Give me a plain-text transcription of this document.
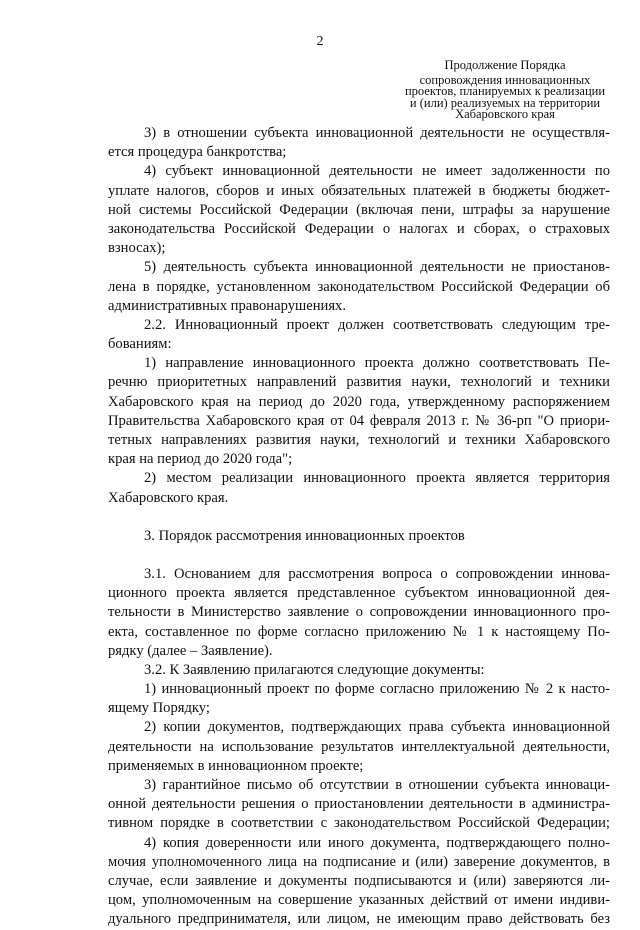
2
Продолжение Порядка
сопровождения инновационных
проектов, планируемых к реализации
и (или) реализуемых на территории
Хабаровского края
3) в отношении субъекта инновационной деятельности не осуществля-
ется процедура банкротства;
4) субъект инновационной деятельности не имеет задолженности по
уплате налогов, сборов и иных обязательных платежей в бюджеты бюджет-
ной системы Российской Федерации (включая пени, штрафы за нарушение
законодательства Российской Федерации о налогах и сборах, о страховых
взносах);
5) деятельность субъекта инновационной деятельности не приостанов-
лена в порядке, установленном законодательством Российской Федерации об
административных правонарушениях.
2.2. Инновационный проект должен соответствовать следующим тре-
бованиям:
1) направление инновационного проекта должно соответствовать Пе-
речню приоритетных направлений развития науки, технологий и техники
Хабаровского края на период до 2020 года, утвержденному распоряжением
Правительства Хабаровского края от 04 февраля 2013 г. № 36-рп "О приори-
тетных направлениях развития науки, технологий и техники Хабаровского
края на период до 2020 года";
2) местом реализации инновационного проекта является территория
Хабаровского края.
3. Порядок рассмотрения инновационных проектов
3.1. Основанием для рассмотрения вопроса о сопровождении иннова-
ционного проекта является представленное субъектом инновационной дея-
тельности в Министерство заявление о сопровождении инновационного про-
екта, составленное по форме согласно приложению № 1 к настоящему По-
рядку (далее – Заявление).
3.2. К Заявлению прилагаются следующие документы:
1) инновационный проект по форме согласно приложению № 2 к насто-
ящему Порядку;
2) копии документов, подтверждающих права субъекта инновационной
деятельности на использование результатов интеллектуальной деятельности,
применяемых в инновационном проекте;
3) гарантийное письмо об отсутствии в отношении субъекта инноваци-
онной деятельности решения о приостановлении деятельности в администра-
тивном порядке в соответствии с законодательством Российской Федерации;
4) копия доверенности или иного документа, подтверждающего полно-
мочия уполномоченного лица на подписание и (или) заверение документов, в
случае, если заявление и документы подписываются и (или) заверяются ли-
цом, уполномоченным на совершение указанных действий от имени индиви-
дуального предпринимателя, или лицом, не имеющим право действовать без
